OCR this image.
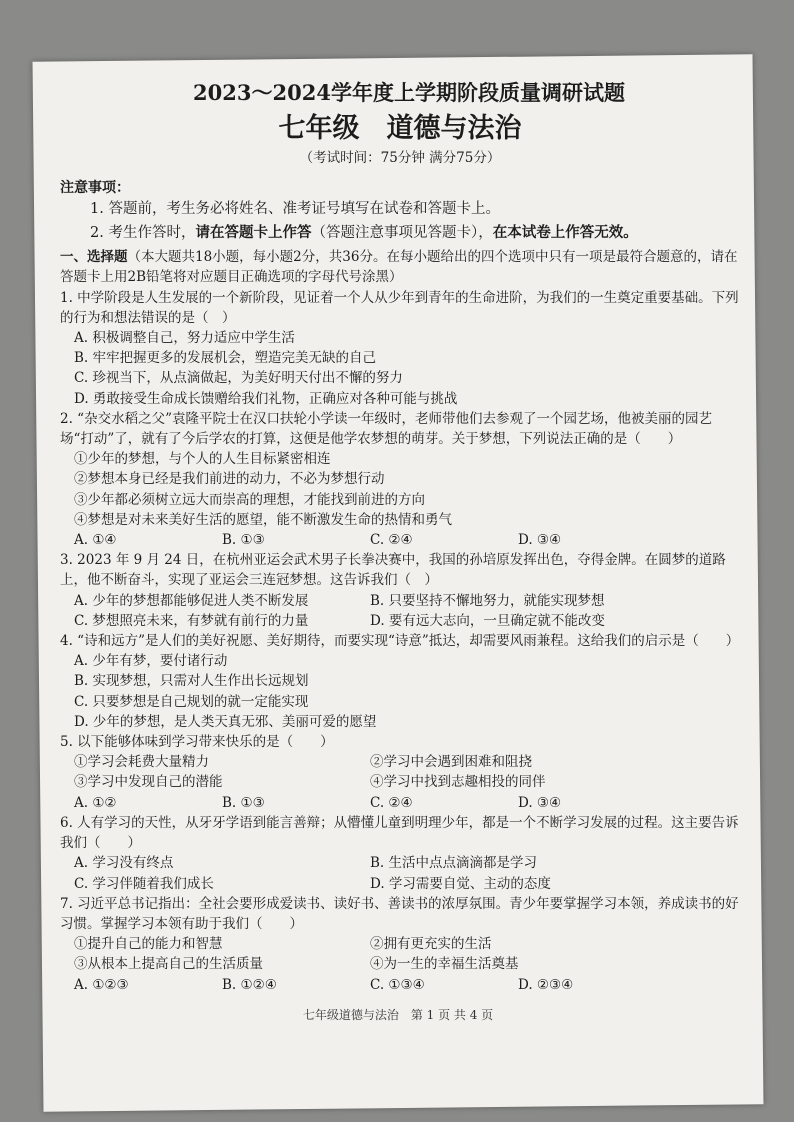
2023～2024学年度上学期阶段质量调研试题
七年级　道德与法治
（考试时间：75分钟 满分75分）
注意事项：
1. 答题前，考生务必将姓名、准考证号填写在试卷和答题卡上。
2. 考生作答时，请在答题卡上作答（答题注意事项见答题卡），在本试卷上作答无效。
一、选择题（本大题共18小题，每小题2分，共36分。在每小题给出的四个选项中只有一项是最符合题意的，请在答题卡上用2B铅笔将对应题目正确选项的字母代号涂黑）
1. 中学阶段是人生发展的一个新阶段，见证着一个人从少年到青年的生命进阶，为我们的一生奠定重要基础。下列的行为和想法错误的是（　）
A. 积极调整自己，努力适应中学生活
B. 牢牢把握更多的发展机会，塑造完美无缺的自己
C. 珍视当下，从点滴做起，为美好明天付出不懈的努力
D. 勇敢接受生命成长馈赠给我们礼物，正确应对各种可能与挑战
2. “杂交水稻之父”袁隆平院士在汉口扶轮小学读一年级时，老师带他们去参观了一个园艺场，他被美丽的园艺场“打动”了，就有了今后学农的打算，这便是他学农梦想的萌芽。关于梦想，下列说法正确的是（　　）
①少年的梦想，与个人的人生目标紧密相连
②梦想本身已经是我们前进的动力，不必为梦想行动
③少年都必须树立远大而崇高的理想，才能找到前进的方向
④梦想是对未来美好生活的愿望，能不断激发生命的热情和勇气
A. ①④	B. ①③	C. ②④	D. ③④
3. 2023 年 9 月 24 日，在杭州亚运会武术男子长拳决赛中，我国的孙培原发挥出色，夺得金牌。在圆梦的道路上，他不断奋斗，实现了亚运会三连冠梦想。这告诉我们（　）
A. 少年的梦想都能够促进人类不断发展	B. 只要坚持不懈地努力，就能实现梦想
C. 梦想照亮未来，有梦就有前行的力量	D. 要有远大志向，一旦确定就不能改变
4. “诗和远方”是人们的美好祝愿、美好期待，而要实现“诗意”抵达，却需要风雨兼程。这给我们的启示是（　　）
A. 少年有梦，要付诸行动
B. 实现梦想，只需对人生作出长远规划
C. 只要梦想是自己规划的就一定能实现
D. 少年的梦想，是人类天真无邪、美丽可爱的愿望
5. 以下能够体味到学习带来快乐的是（　　）
①学习会耗费大量精力	②学习中会遇到困难和阻挠
③学习中发现自己的潜能	④学习中找到志趣相投的同伴
A. ①②	B. ①③	C. ②④	D. ③④
6. 人有学习的天性，从牙牙学语到能言善辩；从懵懂儿童到明理少年，都是一个不断学习发展的过程。这主要告诉我们（　　）
A. 学习没有终点	B. 生活中点点滴滴都是学习
C. 学习伴随着我们成长	D. 学习需要自觉、主动的态度
7. 习近平总书记指出：全社会要形成爱读书、读好书、善读书的浓厚氛围。青少年要掌握学习本领，养成读书的好习惯。掌握学习本领有助于我们（　　）
①提升自己的能力和智慧	②拥有更充实的生活
③从根本上提高自己的生活质量	④为一生的幸福生活奠基
A. ①②③	B. ①②④	C. ①③④	D. ②③④
七年级道德与法治　第 1 页 共 4 页
